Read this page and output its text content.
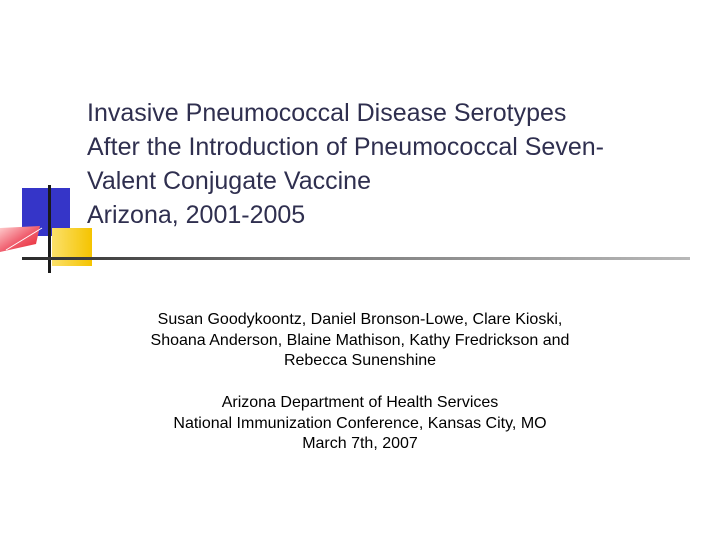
Invasive Pneumococcal Disease Serotypes
After the Introduction of Pneumococcal Seven-
Valent Conjugate Vaccine
Arizona, 2001-2005

Susan Goodykoontz, Daniel Bronson-Lowe, Clare Kioski,
Shoana Anderson, Blaine Mathison, Kathy Fredrickson and
Rebecca Sunenshine

Arizona Department of Health Services
National Immunization Conference, Kansas City, MO
March 7th, 2007
